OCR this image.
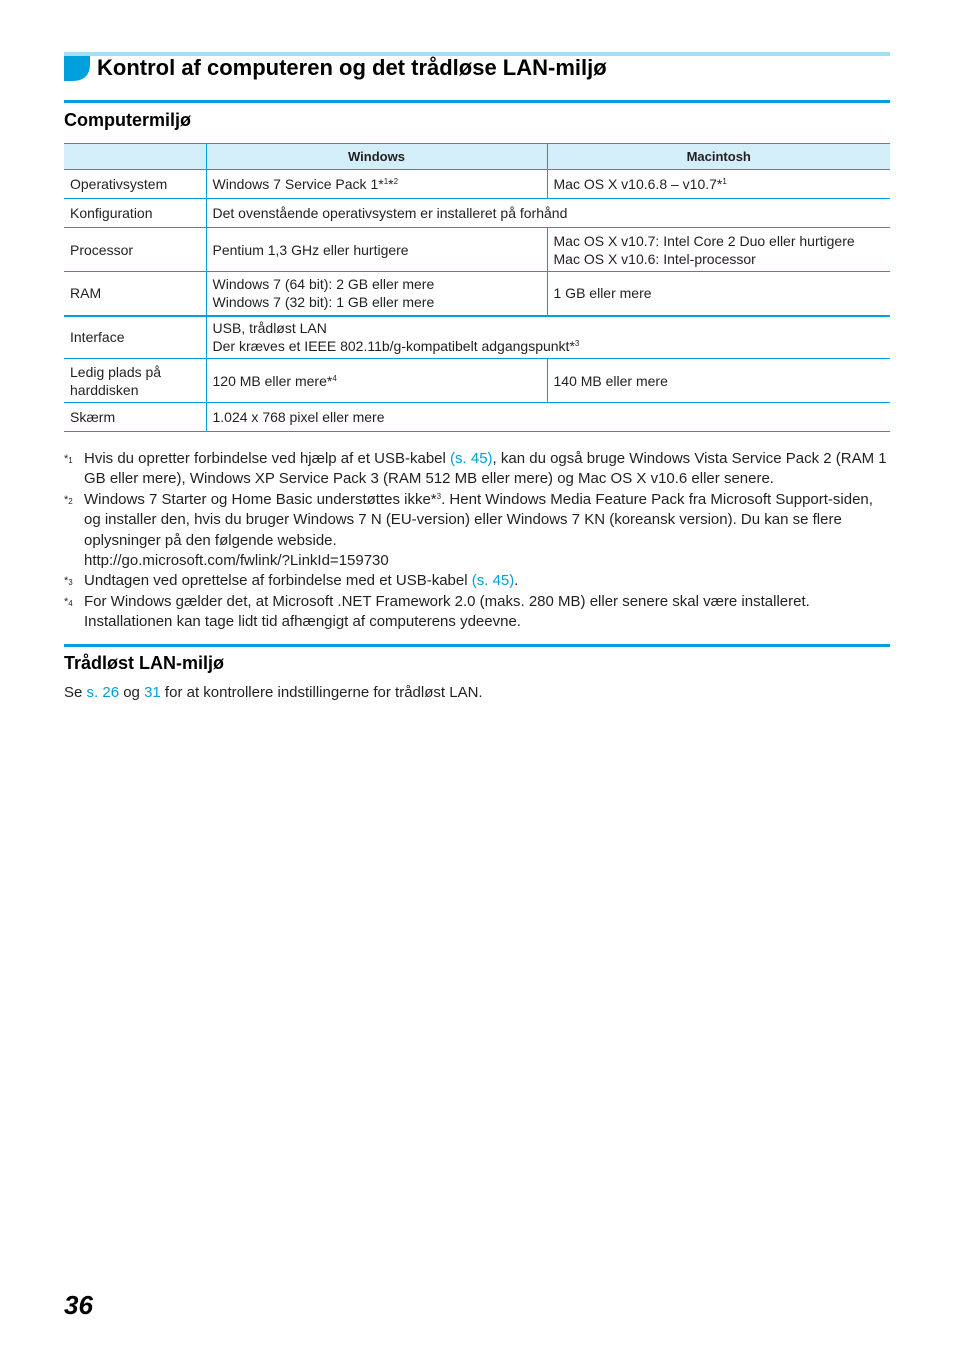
Kontrol af computeren og det trådløse LAN-miljø
Computermiljø
	Windows	Macintosh
Operativsystem	Windows 7 Service Pack 1*$^1$*$^2$	Mac OS X v10.6.8 – v10.7*$^1$
Konfiguration	Det ovenstående operativsystem er installeret på forhånd	
Processor	Pentium 1,3 GHz eller hurtigere	Mac OS X v10.7: Intel Core 2 Duo eller hurtigere
Mac OS X v10.6: Intel-processor

RAM	Windows 7 (64 bit): 2 GB eller mere
Windows 7 (32 bit): 1 GB eller mere	1 GB eller mere
Interface	USB, trådløst LAN
Der kræves et IEEE 802.11b/g-kompatibelt adgangspunkt*$^3$

Ledig plads på
harddisken	120 MB eller mere*$^4$	140 MB eller mere
Skærm	1.024 x 768 pixel eller mere	
$*_1$ Hvis du opretter forbindelse ved hjælp af et USB-kabel (s. 45), kan du også bruge Windows Vista Service Pack 2 (RAM 1 GB eller mere), Windows XP Service Pack 3 (RAM 512 MB eller mere) og Mac OS X v10.6 eller senere.
$*_2$ Windows 7 Starter og Home Basic understøttes ikke*$^3$. Hent Windows Media Feature Pack fra Microsoft Support-siden, og installer den, hvis du bruger Windows 7 N (EU-version) eller Windows 7 KN (koreansk version). Du kan se flere oplysninger på den følgende webside.
http://go.microsoft.com/fwlink/?LinkId=159730
$*_3$ Undtagen ved oprettelse af forbindelse med et USB-kabel (s. 45).
$*_4$ For Windows gælder det, at Microsoft .NET Framework 2.0 (maks. 280 MB) eller senere skal være installeret. Installationen kan tage lidt tid afhængigt af computerens ydeevne.
Trådløst LAN-miljø
Se s. 26 og 31 for at kontrollere indstillingerne for trådløst LAN.
36
